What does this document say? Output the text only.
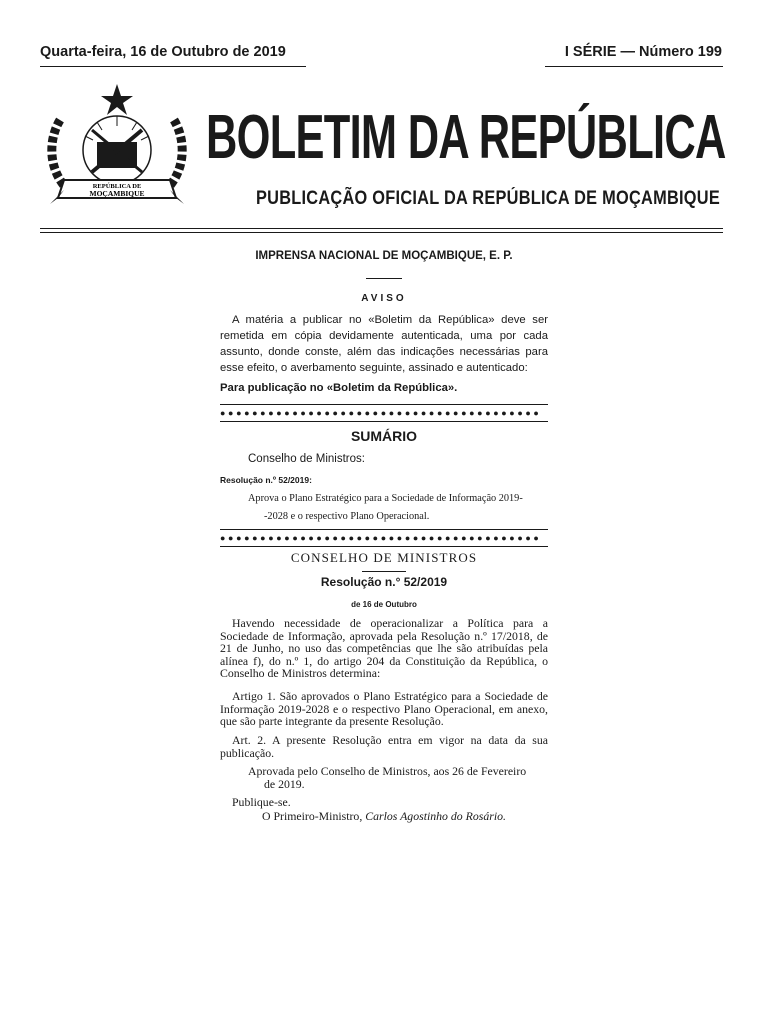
Quarta-feira, 16 de Outubro de 2019	I SÉRIE — Número 199
REPÚBLICA DE
MOÇAMBIQUE
BOLETIM DA REPÚBLICA
PUBLICAÇÃO OFICIAL DA REPÚBLICA DE MOÇAMBIQUE
IMPRENSA NACIONAL DE MOÇAMBIQUE, E. P.
AVISO

A matéria a publicar no «Boletim da República» deve ser remetida em cópia devidamente autenticada, uma por cada assunto, donde conste, além das indicações necessárias para esse efeito, o averbamento seguinte, assinado e autenticado:

Para publicação no «Boletim da República».
●●●●●●●●●●●●●●●●●●●●●●●●●●●●●●●●●●●●●●●●
SUMÁRIO
Conselho de Ministros:
Resolução n.º 52/2019:
Aprova o Plano Estratégico para a Sociedade de Informação 2019-
-2028 e o respectivo Plano Operacional.
●●●●●●●●●●●●●●●●●●●●●●●●●●●●●●●●●●●●●●●●
CONSELHO DE MINISTROS
Resolução n.° 52/2019
de 16 de Outubro

Havendo necessidade de operacionalizar a Política para a Sociedade de Informação, aprovada pela Resolução n.º 17/2018, de 21 de Junho, no uso das competências que lhe são atribuídas pela alínea f), do n.º 1, do artigo 204 da Constituição da República, o Conselho de Ministros determina:

Artigo 1. São aprovados o Plano Estratégico para a Sociedade de Informação 2019-2028 e o respectivo Plano Operacional, em anexo, que são parte integrante da presente Resolução.

Art. 2. A presente Resolução entra em vigor na data da sua publicação.

Aprovada pelo Conselho de Ministros, aos 26 de Fevereiro
de 2019.

Publique-se.

O Primeiro-Ministro, Carlos Agostinho do Rosário.
